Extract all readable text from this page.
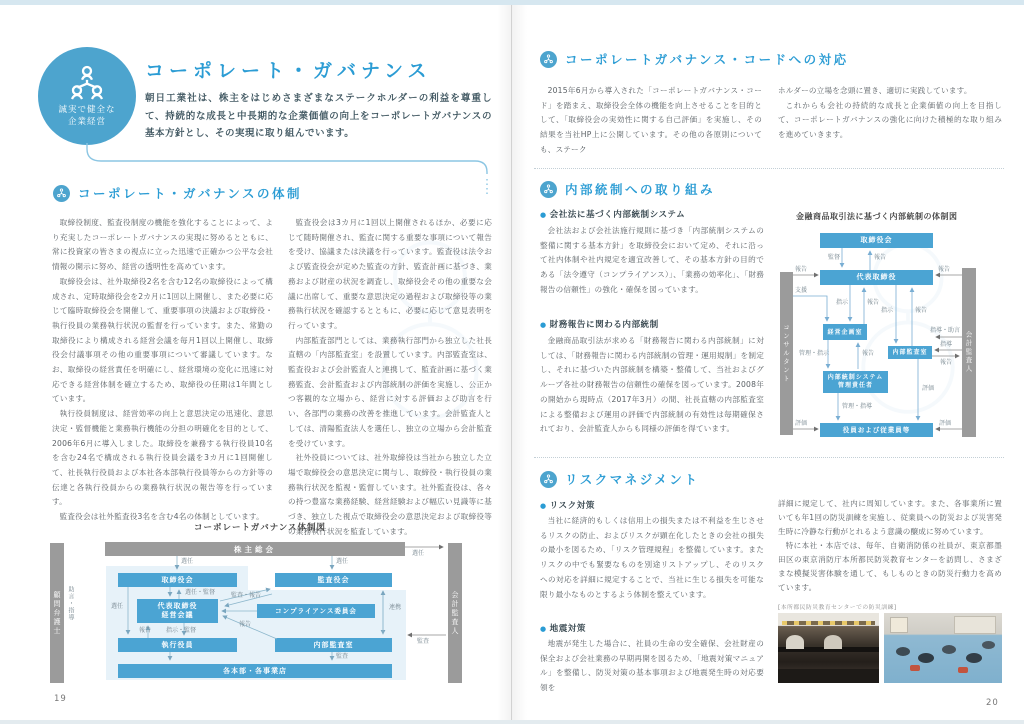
誠実で健全な
企業経営
コーポレート・ガバナンス
朝日工業社は、株主をはじめさまざまなステークホルダーの利益を尊重して、持続的な成長と中長期的な企業価値の向上をコーポレートガバナンスの基本方針とし、その実現に取り組んでいます。
コーポレート・ガバナンスの体制

取締役制度、監査役制度の機能を強化することによって、より充実したコーポレートガバナンスの実現に努めるとともに、常に投資家の皆さまの視点に立った迅速で正確かつ公平な会社情報の開示に努め、経営の透明性を高めています。

取締役会は、社外取締役2名を含む12名の取締役によって構成され、定時取締役会を2カ月に1回以上開催し、また必要に応じて臨時取締役会を開催して、重要事項の決議および取締役・執行役員の業務執行状況の監督を行っています。また、常勤の取締役により構成される経営会議を毎月1回以上開催し、取締役会付議事項その他の重要事項について審議しています。なお、取締役の経営責任を明確にし、経営環境の変化に迅速に対応できる経営体制を確立するため、取締役の任期は1年間としています。

執行役員制度は、経営効率の向上と意思決定の迅速化、意思決定・監督機能と業務執行機能の分担の明確化を目的として、2006年6月に導入しました。取締役を兼務する執行役員10名を含む24名で構成される執行役員会議を3カ月に1回開催して、社長執行役員および本社各本部執行役員等からの方針等の伝達と各執行役員からの業務執行状況の報告等を行っています。

監査役会は社外監査役3名を含む4名の体制としています。

監査役会は3カ月に1回以上開催されるほか、必要に応じて随時開催され、監査に関する重要な事項について報告を受け、協議または決議を行っています。監査役は法令および監査役会が定めた監査の方針、監査計画に基づき、業務および財産の状況を調査し、取締役会その他の重要な会議に出席して、重要な意思決定の過程および取締役等の業務執行状況を確認するとともに、必要に応じて意見表明を行っています。

内部監査部門としては、業務執行部門から独立した社長直轄の「内部監査室」を設置しています。内部監査室は、監査役および会計監査人と連携して、監査計画に基づく業務監査、会計監査および内部統制の評価を実施し、公正かつ客観的な立場から、経営に対する評価および助言を行い、各部門の業務の改善を推進しています。会計監査人としては、清陽監査法人を選任し、独立の立場から会計監査を受けています。

社外役員については、社外取締役は当社から独立した立場で取締役会の意思決定に関与し、取締役・執行役員の業務執行状況を監視・監督しています。社外監査役は、各々の持つ豊富な業務経験、経営経験および幅広い見識等に基づき、独立した視点で取締役会の意思決定および取締役等の業務執行状況を監査しています。

コーポレートガバナンス体制図
顧問弁護士	会計監査人
株主総会
取締役会	監査役会
代表取締役
経営会議
コンプライアンス委員会
執行役員	内部監査室
各本部・各事業店
選任	選任
選任
選任・監督
選任
報告 指示・監督
監査・報告
報告
連携
監査
監査
助言・指導
19
コーポレートガバナンス・コードへの対応

2015年6月から導入された「コーポレートガバナンス・コード」を踏まえ、取締役会全体の機能を向上させることを目的として、「取締役会の実効性に関する自己評価」を実施し、その結果を当社HP上に公開しています。その他の各原則についても、ステーク

ホルダーの立場を念頭に置き、適切に実践しています。

これからも会社の持続的な成長と企業価値の向上を目指して、コーポレートガバナンスの強化に向けた積極的な取り組みを進めていきます。

内部統制への取り組み
● 会社法に基づく内部統制システム

会社法および会社法施行規則に基づき「内部統制システムの整備に関する基本方針」を取締役会において定め、それに沿って社内体制や社内規定を適宜改善して、その基本方針の目的である「法令遵守（コンプライアンス）」、「業務の効率化」、「財務報告の信頼性」の強化・確保を図っています。

● 財務報告に関わる内部統制

金融商品取引法が求める「財務報告に関わる内部統制」に対しては、「財務報告に関わる内部統制の管理・運用規制」を制定し、それに基づいた内部統制を構築・整備して、当社およびグループ各社の財務報告の信頼性の確保を図っています。2008年の開始から現時点（2017年3月）の間、社長直轄の内部監査室による整備および運用の評価で内部統制の有効性は毎期確保されており、会計監査人からも同様の評価を得ています。

金融商品取引法に基づく内部統制の体制図
コンサルタント	会計監査人
取締役会
代表取締役
経営企画室
内部監査室
内部統制システム
管理責任者
役員および従業員等
監督	報告
報告	報告
支援
指示	報告
指示	報告
指導・助言
指導
報告
管理・指示	報告
評価
管理・指導
評価	評価
リスクマネジメント
● リスク対策

当社に経済的もしくは信用上の損失または不利益を生じさせるリスクの防止、およびリスクが顕在化したときの会社の損失の最小を図るため、「リスク管理規程」を整備しています。またリスクの中でも緊要なものを別途リストアップし、そのリスクへの対応を詳細に規定することで、当社に生じる損失を可能な限り最小なものとするよう体制を整えています。

● 地震対策

地震が発生した場合に、社員の生命の安全確保、会社財産の保全および会社業務の早期再開を図るため、「地震対策マニュアル」を整備し、防災対策の基本事項および地震発生時の対応要領を

詳細に規定して、社内に周知しています。また、各事業所に置いても年1回の防災訓練を実施し、従業員への防災および災害発生時に冷静な行動がとれるよう意識の醸成に努めています。

特に本社・本店では、毎年、自衛消防係の社員が、東京都墨田区の東京消防庁本所都民防災教育センターを訪問し、さまざまな模擬災害体験を通して、もしものときの防災行動力を高めています。

[本所都民防災教育センターでの防災訓練]
20
